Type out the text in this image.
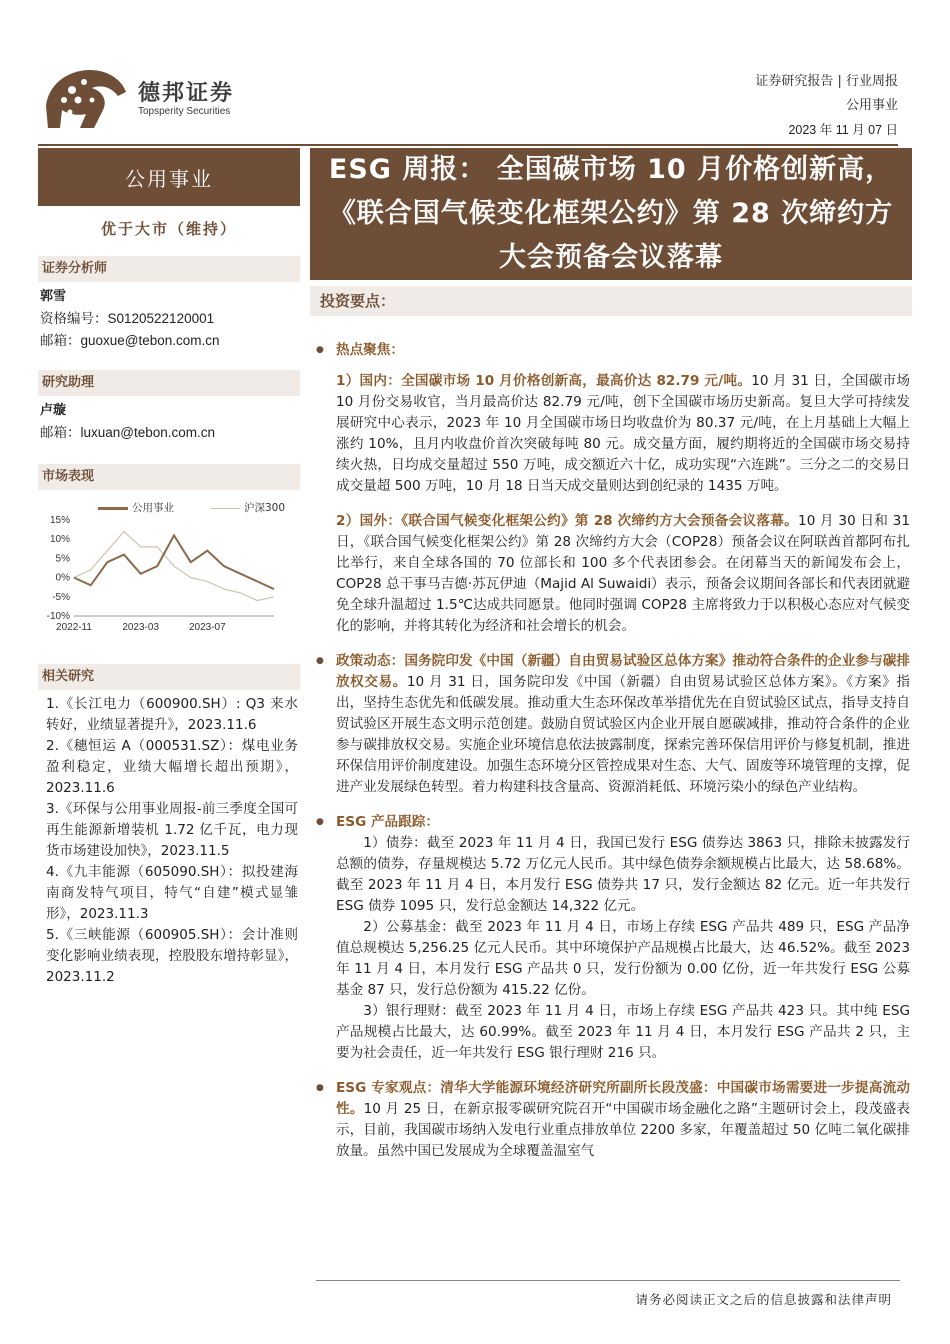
德邦证券
Topsperity Securities
证券研究报告 | 行业周报
公用事业
2023 年 11 月 07 日
公用事业
优于大市（维持）
证券分析师
郭雪
资格编号：S0120522120001
邮箱：guoxue@tebon.com.cn
研究助理
卢璇
邮箱：luxuan@tebon.com.cn
市场表现
公用事业	沪深300
15%
10%
5%
0%
-5%
-10%
2022-11	2023-03	2023-07
相关研究
1.《长江电力（600900.SH）: Q3 来水转好，业绩显著提升》，2023.11.6
2.《穗恒运 A（000531.SZ）：煤电业务盈利稳定，业绩大幅增长超出预期》，2023.11.6
3.《环保与公用事业周报-前三季度全国可再生能源新增装机 1.72 亿千瓦，电力现货市场建设加快》，2023.11.5
4.《九丰能源（605090.SH）：拟投建海南商发特气项目，特气“自建”模式显雏形》，2023.11.3
5.《三峡能源（600905.SH）：会计准则变化影响业绩表现，控股股东增持彰显》，2023.11.2
ESG 周报： 全国碳市场 10 月价格创新高，《联合国气候变化框架公约》第 28 次缔约方大会预备会议落幕
投资要点：
● 热点聚焦：
1）国内：全国碳市场 10 月价格创新高，最高价达 82.79 元/吨。10 月 31 日，全国碳市场 10 月份交易收官，当月最高价达 82.79 元/吨，创下全国碳市场历史新高。复旦大学可持续发展研究中心表示，2023 年 10 月全国碳市场日均收盘价为 80.37 元/吨，在上月基础上大幅上涨约 10%，且月内收盘价首次突破每吨 80 元。成交量方面，履约期将近的全国碳市场交易持续火热，日均成交量超过 550 万吨，成交额近六十亿，成功实现“六连跳”。三分之二的交易日成交量超 500 万吨，10 月 18 日当天成交量则达到创纪录的 1435 万吨。
2）国外：《联合国气候变化框架公约》第 28 次缔约方大会预备会议落幕。10 月 30 日和 31 日，《联合国气候变化框架公约》第 28 次缔约方大会（COP28）预备会议在阿联酋首都阿布扎比举行，来自全球各国的 70 位部长和 100 多个代表团参会。在闭幕当天的新闻发布会上，COP28 总干事马吉德·苏瓦伊迪（Majid Al Suwaidi）表示，预备会议期间各部长和代表团就避免全球升温超过 1.5℃达成共同愿景。他同时强调 COP28 主席将致力于以积极心态应对气候变化的影响，并将其转化为经济和社会增长的机会。
● 政策动态：国务院印发《中国（新疆）自由贸易试验区总体方案》推动符合条件的企业参与碳排放权交易。10 月 31 日，国务院印发《中国（新疆）自由贸易试验区总体方案》。《方案》指出，坚持生态优先和低碳发展。推动重大生态环保改革举措优先在自贸试验区试点，指导支持自贸试验区开展生态文明示范创建。鼓励自贸试验区内企业开展自愿碳减排，推动符合条件的企业参与碳排放权交易。实施企业环境信息依法披露制度，探索完善环保信用评价与修复机制，推进环保信用评价制度建设。加强生态环境分区管控成果对生态、大气、固废等环境管理的支撑，促进产业发展绿色转型。着力构建科技含量高、资源消耗低、环境污染小的绿色产业结构。
● ESG 产品跟踪：
1）债券：截至 2023 年 11 月 4 日，我国已发行 ESG 债券达 3863 只，排除未披露发行总额的债券，存量规模达 5.72 万亿元人民币。其中绿色债券余额规模占比最大，达 58.68%。截至 2023 年 11 月 4 日，本月发行 ESG 债券共 17 只，发行金额达 82 亿元。近一年共发行 ESG 债券 1095 只，发行总金额达 14,322 亿元。
2）公募基金：截至 2023 年 11 月 4 日，市场上存续 ESG 产品共 489 只，ESG 产品净值总规模达 5,256.25 亿元人民币。其中环境保护产品规模占比最大，达 46.52%。截至 2023 年 11 月 4 日，本月发行 ESG 产品共 0 只，发行份额为 0.00 亿份，近一年共发行 ESG 公募基金 87 只，发行总份额为 415.22 亿份。
3）银行理财：截至 2023 年 11 月 4 日，市场上存续 ESG 产品共 423 只。其中纯 ESG 产品规模占比最大，达 60.99%。截至 2023 年 11 月 4 日，本月发行 ESG 产品共 2 只，主要为社会责任，近一年共发行 ESG 银行理财 216 只。
● ESG 专家观点：清华大学能源环境经济研究所副所长段茂盛：中国碳市场需要进一步提高流动性。10 月 25 日，在新京报零碳研究院召开“中国碳市场金融化之路”主题研讨会上，段茂盛表示，目前，我国碳市场纳入发电行业重点排放单位 2200 多家，年覆盖超过 50 亿吨二氧化碳排放量。虽然中国已发展成为全球覆盖温室气
请务必阅读正文之后的信息披露和法律声明
